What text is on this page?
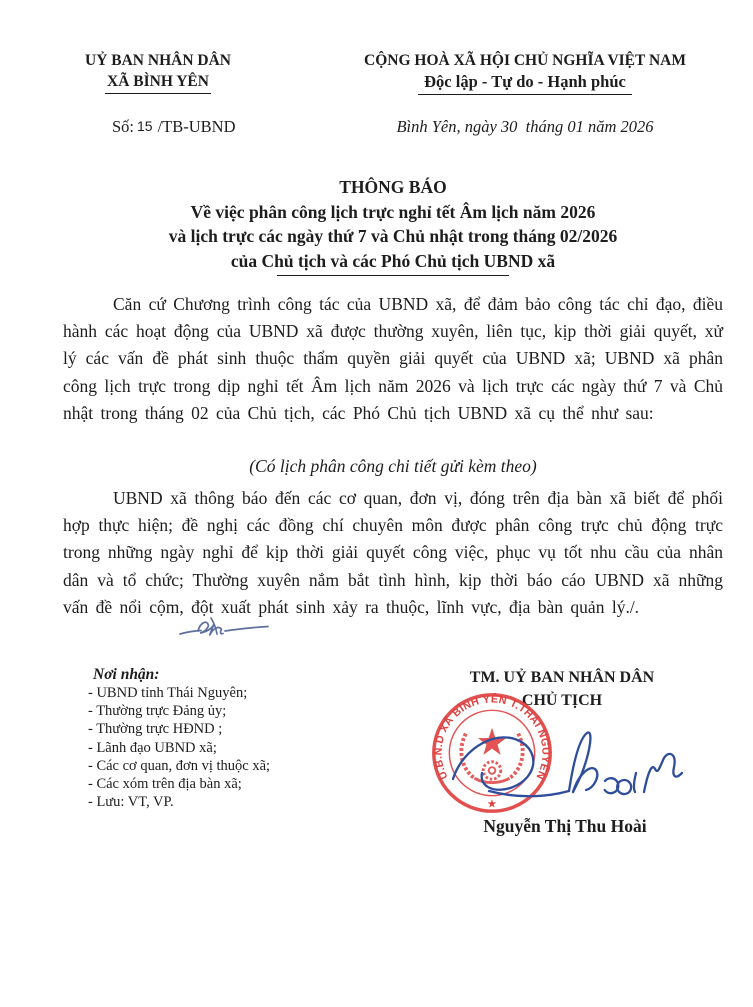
UỶ BAN NHÂN DÂN
XÃ BÌNH YÊN
CỘNG HOÀ XÃ HỘI CHỦ NGHĨA VIỆT NAM
Độc lập - Tự do - Hạnh phúc
Số: 15 /TB-UBND	Bình Yên, ngày 30  tháng 01 năm 2026
THÔNG BÁO
Về việc phân công lịch trực nghỉ tết Âm lịch năm 2026
và lịch trực các ngày thứ 7 và Chủ nhật trong tháng 02/2026
của Chủ tịch và các Phó Chủ tịch UBND xã
Căn cứ Chương trình công tác của UBND xã, để đảm bảo công tác chỉ đạo, điều hành các hoạt động của UBND xã được thường xuyên, liên tục, kịp thời giải quyết, xử lý các vấn đề phát sinh thuộc thẩm quyền giải quyết của UBND xã; UBND xã phân công lịch trực trong dịp nghỉ tết Âm lịch năm 2026 và lịch trực các ngày thứ 7 và Chủ nhật trong tháng 02 của Chủ tịch, các Phó Chủ tịch UBND xã cụ thể như sau:
(Có lịch phân công chi tiết gửi kèm theo)
UBND xã thông báo đến các cơ quan, đơn vị, đóng trên địa bàn xã biết để phối hợp thực hiện; đề nghị các đồng chí chuyên môn được phân công trực chủ động trực trong những ngày nghỉ để kịp thời giải quyết công việc, phục vụ tốt nhu cầu của nhân dân và tổ chức; Thường xuyên nắm bắt tình hình, kịp thời báo cáo UBND xã những vấn đề nổi cộm, đột xuất phát sinh xảy ra thuộc, lĩnh vực, địa bàn quản lý./.
Nơi nhận:
- UBND tỉnh Thái Nguyên;
- Thường trực Đảng ủy;
- Thường trực HĐND ;
- Lãnh đạo UBND xã;
- Các cơ quan, đơn vị thuộc xã;
- Các xóm trên địa bàn xã;
- Lưu: VT, VP.
TM. UỶ BAN NHÂN DÂN
CHỦ TỊCH
U.B.N.D XÃ BÌNH YÊN T.THÁI NGUYÊN
★
Nguyễn Thị Thu Hoài
